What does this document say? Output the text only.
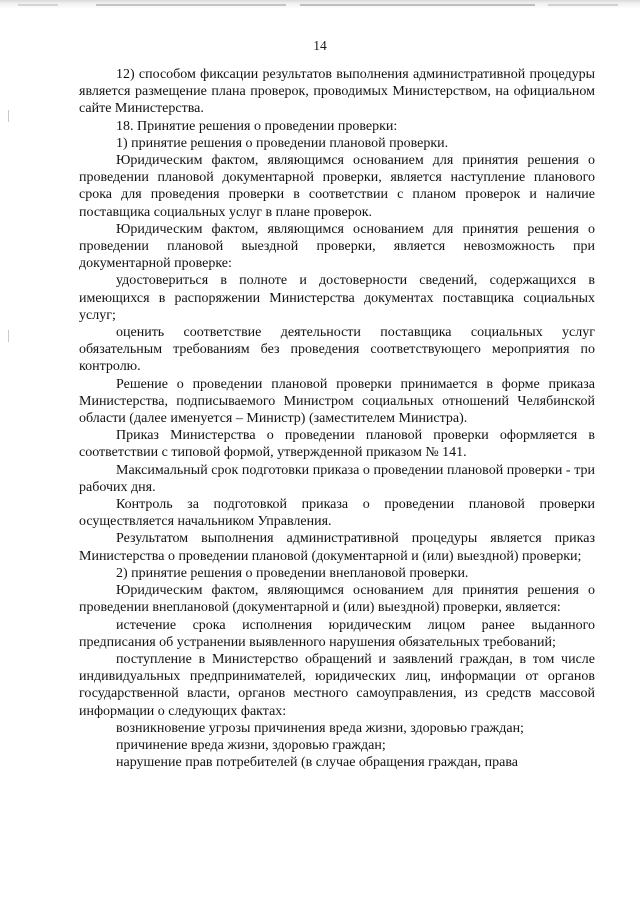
14

12) способом фиксации результатов выполнения административной процедуры является размещение плана проверок, проводимых Министерством, на официальном сайте Министерства.

18. Принятие решения о проведении проверки:

1) принятие решения о проведении плановой проверки.

Юридическим фактом, являющимся основанием для принятия решения о проведении плановой документарной проверки, является наступление планового срока для проведения проверки в соответствии с планом проверок и наличие поставщика социальных услуг в плане проверок.

Юридическим фактом, являющимся основанием для принятия решения о проведении плановой выездной проверки, является невозможность при документарной проверке:

удостовериться в полноте и достоверности сведений, содержащихся в имеющихся в распоряжении Министерства документах поставщика социальных услуг;

оценить соответствие деятельности поставщика социальных услуг обязательным требованиям без проведения соответствующего мероприятия по контролю.

Решение о проведении плановой проверки принимается в форме приказа Министерства, подписываемого Министром социальных отношений Челябинской области (далее именуется – Министр) (заместителем Министра).

Приказ Министерства о проведении плановой проверки оформляется в соответствии с типовой формой, утвержденной приказом № 141.

Максимальный срок подготовки приказа о проведении плановой проверки - три рабочих дня.

Контроль за подготовкой приказа о проведении плановой проверки осуществляется начальником Управления.

Результатом выполнения административной процедуры является приказ Министерства о проведении плановой (документарной и (или) выездной) проверки;

2) принятие решения о проведении внеплановой проверки.

Юридическим фактом, являющимся основанием для принятия решения о проведении внеплановой (документарной и (или) выездной) проверки, является:

истечение срока исполнения юридическим лицом ранее выданного предписания об устранении выявленного нарушения обязательных требований;

поступление в Министерство обращений и заявлений граждан, в том числе индивидуальных предпринимателей, юридических лиц, информации от органов государственной власти, органов местного самоуправления, из средств массовой информации о следующих фактах:

возникновение угрозы причинения вреда жизни, здоровью граждан;

причинение вреда жизни, здоровью граждан;

нарушение прав потребителей (в случае обращения граждан, права
